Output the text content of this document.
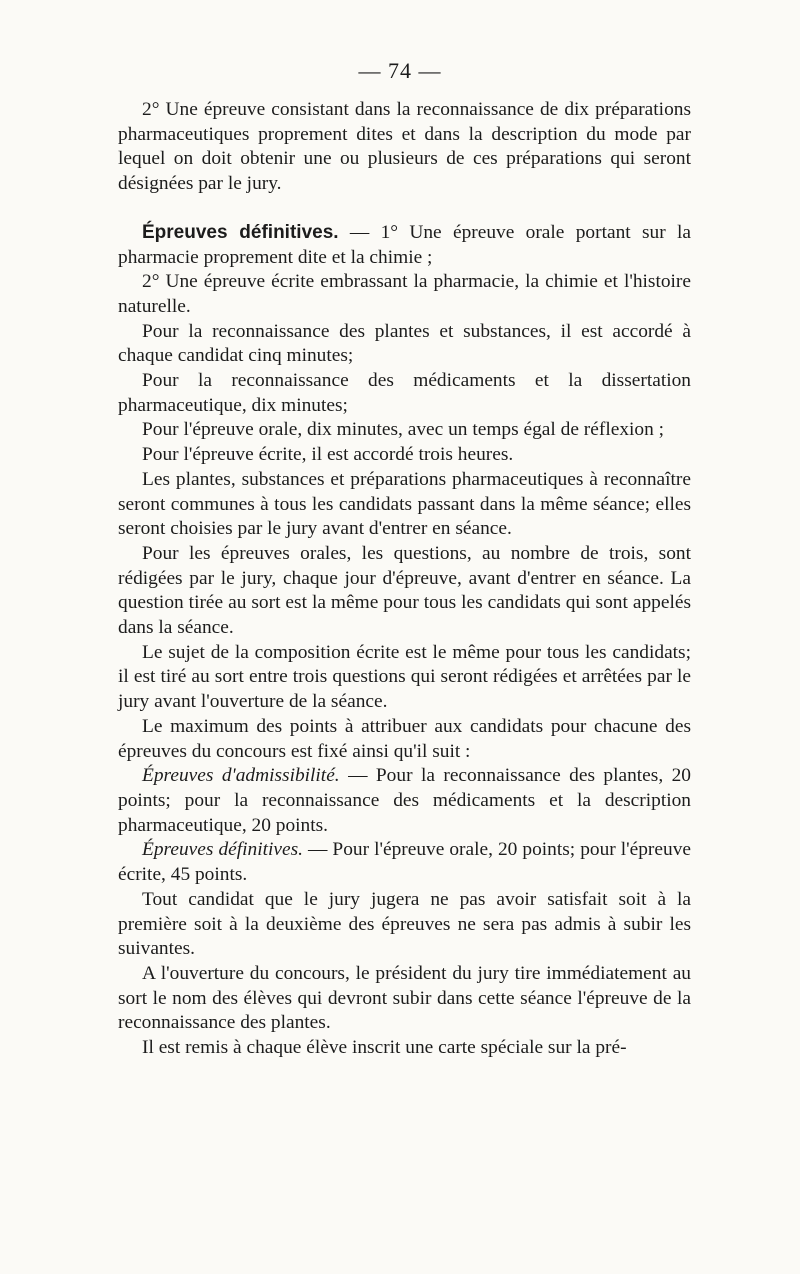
— 74 —

2° Une épreuve consistant dans la reconnaissance de dix préparations pharmaceutiques proprement dites et dans la description du mode par lequel on doit obtenir une ou plusieurs de ces préparations qui seront désignées par le jury.

Épreuves définitives. — 1° Une épreuve orale portant sur la pharmacie proprement dite et la chimie ;

2° Une épreuve écrite embrassant la pharmacie, la chimie et l'histoire naturelle.

Pour la reconnaissance des plantes et substances, il est accordé à chaque candidat cinq minutes;

Pour la reconnaissance des médicaments et la dissertation pharmaceutique, dix minutes;

Pour l'épreuve orale, dix minutes, avec un temps égal de réflexion ;

Pour l'épreuve écrite, il est accordé trois heures.

Les plantes, substances et préparations pharmaceutiques à reconnaître seront communes à tous les candidats passant dans la même séance; elles seront choisies par le jury avant d'entrer en séance.

Pour les épreuves orales, les questions, au nombre de trois, sont rédigées par le jury, chaque jour d'épreuve, avant d'entrer en séance. La question tirée au sort est la même pour tous les candidats qui sont appelés dans la séance.

Le sujet de la composition écrite est le même pour tous les candidats; il est tiré au sort entre trois questions qui seront rédigées et arrêtées par le jury avant l'ouverture de la séance.

Le maximum des points à attribuer aux candidats pour chacune des épreuves du concours est fixé ainsi qu'il suit :

Épreuves d'admissibilité. — Pour la reconnaissance des plantes, 20 points; pour la reconnaissance des médicaments et la description pharmaceutique, 20 points.

Épreuves définitives. — Pour l'épreuve orale, 20 points; pour l'épreuve écrite, 45 points.

Tout candidat que le jury jugera ne pas avoir satisfait soit à la première soit à la deuxième des épreuves ne sera pas admis à subir les suivantes.

A l'ouverture du concours, le président du jury tire immédiatement au sort le nom des élèves qui devront subir dans cette séance l'épreuve de la reconnaissance des plantes.

Il est remis à chaque élève inscrit une carte spéciale sur la pré-
